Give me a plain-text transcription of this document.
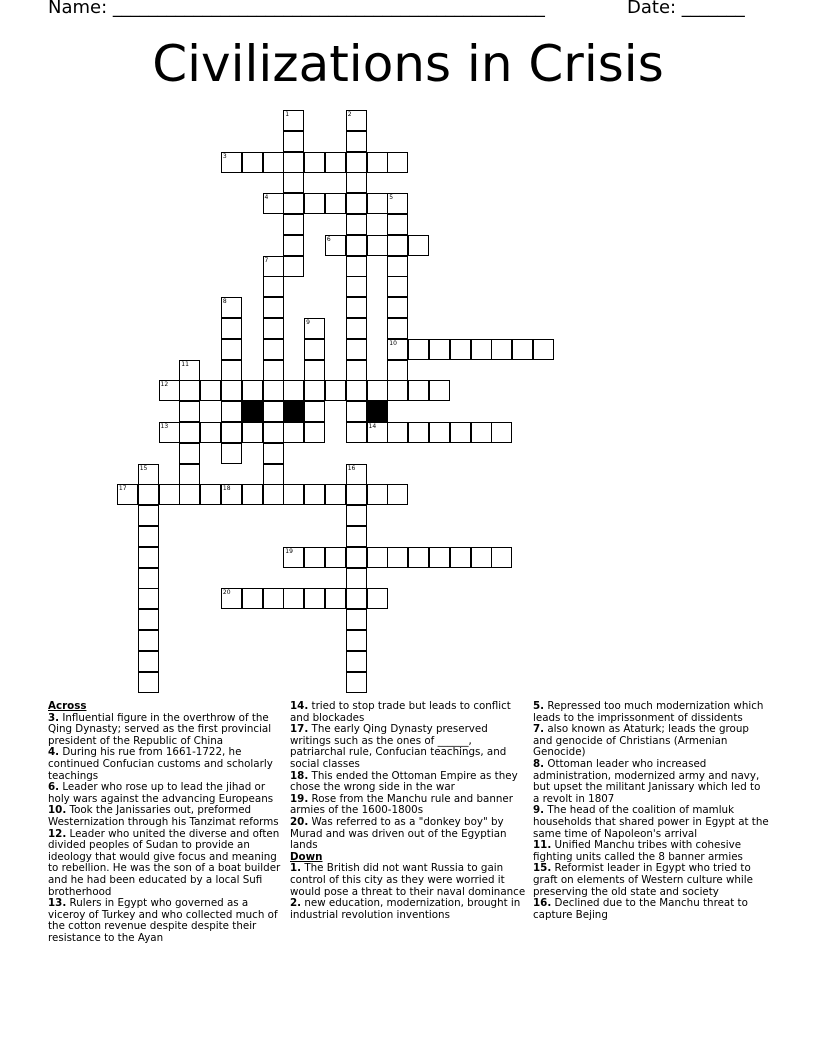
Name: ________________________________________________	Date: _______
Civilizations in Crisis
1	2
3
4	5
10
6
7
8
9
11
12
13	14
15	16
17	18
19
20

Across

3. Influential figure in the overthrow of the Qing Dynasty; served as the first provincial president of the Republic of China

4. During his rue from 1661-1722, he continued Confucian customs and scholarly teachings

6. Leader who rose up to lead the jihad or holy wars against the advancing Europeans

10. Took the Janissaries out, preformed Westernization through his Tanzimat reforms

12. Leader who united the diverse and often divided peoples of Sudan to provide an ideology that would give focus and meaning to rebellion. He was the son of a boat builder and he had been educated by a local Sufi brotherhood

13. Rulers in Egypt who governed as a viceroy of Turkey and who collected much of the cotton revenue despite despite their resistance to the Ayan

14. tried to stop trade but leads to conflict and blockades

17. The early Qing Dynasty preserved writings such as the ones of ______, patriarchal rule, Confucian teachings, and social classes

18. This ended the Ottoman Empire as they chose the wrong side in the war

19. Rose from the Manchu rule and banner armies of the 1600-1800s

20. Was referred to as a "donkey boy" by Murad and was driven out of the Egyptian lands

Down

1. The British did not want Russia to gain control of this city as they were worried it would pose a threat to their naval dominance

2. new education, modernization, brought in industrial revolution inventions

5. Repressed too much modernization which leads to the imprissonment of dissidents

7. also known as Ataturk; leads the group and genocide of Christians (Armenian Genocide)

8. Ottoman leader who increased administration, modernized army and navy, but upset the militant Janissary which led to a revolt in 1807

9. The head of the coalition of mamluk households that shared power in Egypt at the same time of Napoleon's arrival

11. Unified Manchu tribes with cohesive fighting units called the 8 banner armies

15. Reformist leader in Egypt who tried to graft on elements of Western culture while preserving the old state and society

16. Declined due to the Manchu threat to capture Bejing
